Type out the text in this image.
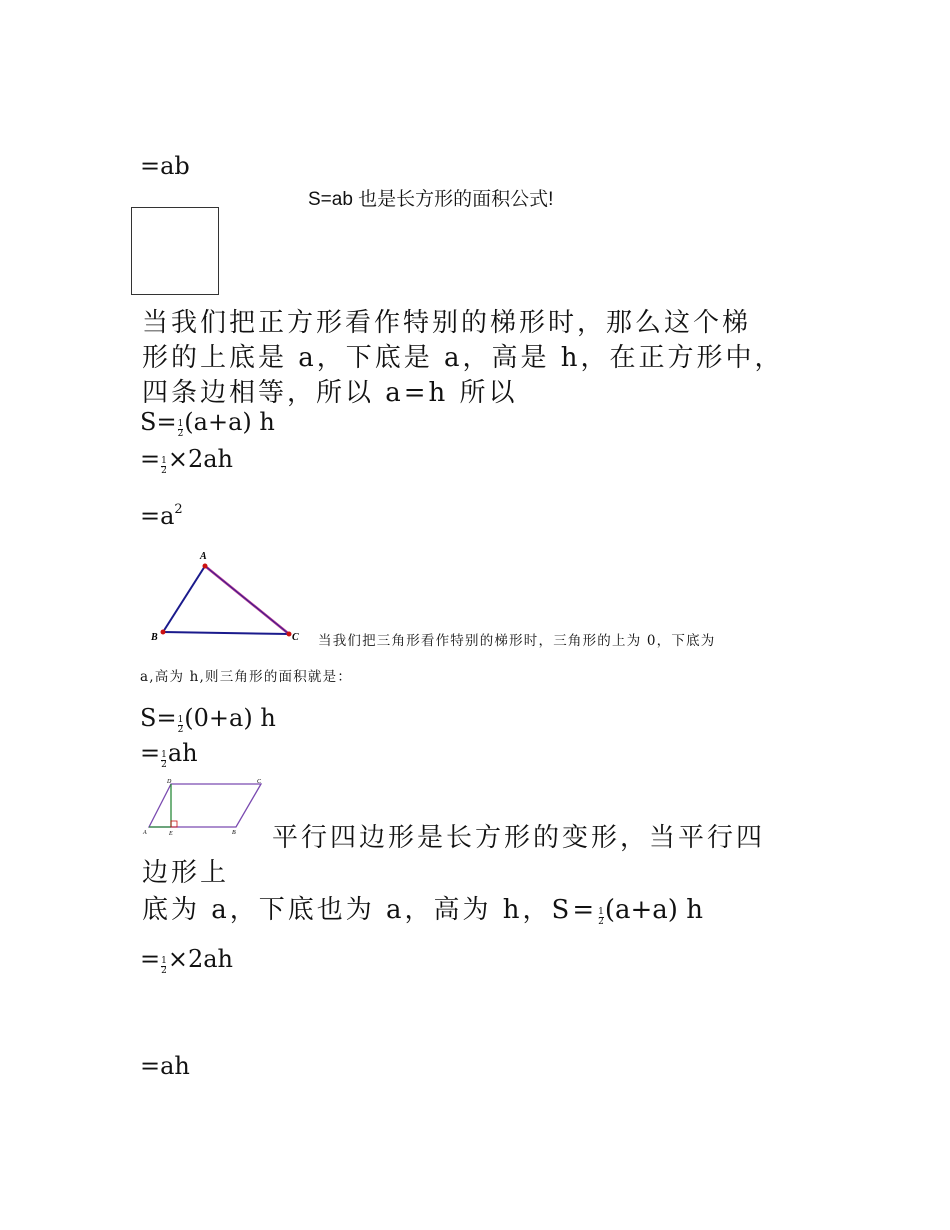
=ab
S=ab 也是长方形的面积公式!
当我们把正方形看作特别的梯形时，那么这个梯
形的上底是 a，下底是 a，高是 h，在正方形中，
四条边相等，所以 a=h 所以
$S= \frac{1}{2} (a+a)$ h
= $\frac{1}{2} \times 2ah$
$=a^2$
A
B	C 当我们把三角形看作特别的梯形时，三角形的上为 0，下底为
a,高为 h,则三角形的面积就是：
$S= \frac{1}{2} (0+a)$ h
= $\frac{1}{2}$ ah
A	B
C
D
E	平行四边形是长方形的变形，当平行四
边形上
底为 a，下底也为 a，高为 h，$S= \frac{1}{2} (a+a)$ h
= $\frac{1}{2} \times 2ah$
=ah
